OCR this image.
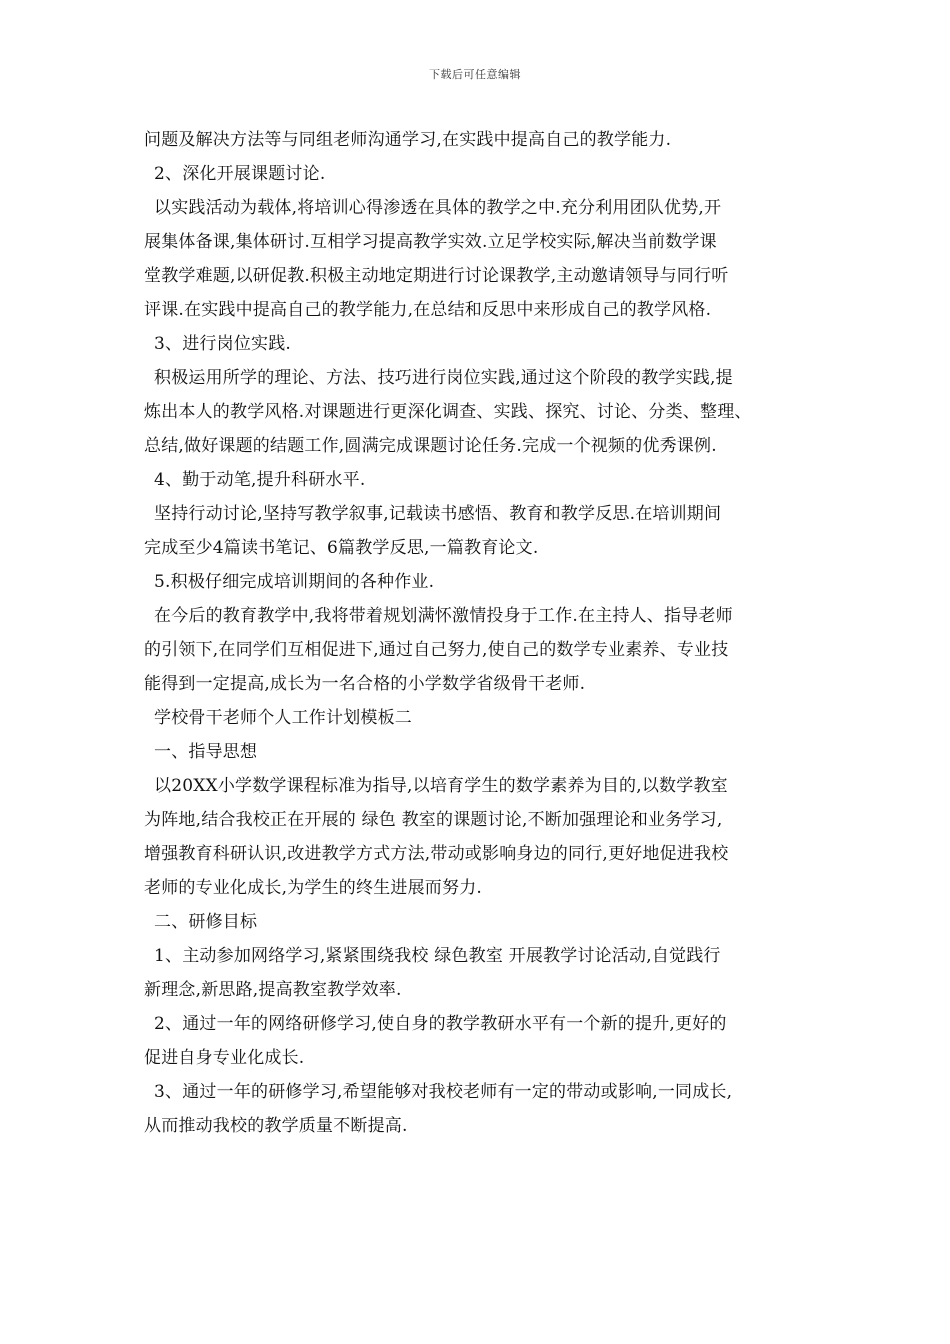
下载后可任意编辑
问题及解决方法等与同组老师沟通学习,在实践中提高自己的教学能力.
2、深化开展课题讨论.
以实践活动为载体,将培训心得渗透在具体的教学之中.充分利用团队优势,开
展集体备课,集体研讨.互相学习提高教学实效.立足学校实际,解决当前数学课
堂教学难题,以研促教.积极主动地定期进行讨论课教学,主动邀请领导与同行听
评课.在实践中提高自己的教学能力,在总结和反思中来形成自己的教学风格.
3、进行岗位实践.
积极运用所学的理论、方法、技巧进行岗位实践,通过这个阶段的教学实践,提
炼出本人的教学风格.对课题进行更深化调查、实践、探究、讨论、分类、整理、
总结,做好课题的结题工作,圆满完成课题讨论任务.完成一个视频的优秀课例.
4、勤于动笔,提升科研水平.
坚持行动讨论,坚持写教学叙事,记载读书感悟、教育和教学反思.在培训期间
完成至少4篇读书笔记、6篇教学反思,一篇教育论文.
5.积极仔细完成培训期间的各种作业.
在今后的教育教学中,我将带着规划满怀激情投身于工作.在主持人、指导老师
的引领下,在同学们互相促进下,通过自己努力,使自己的数学专业素养、专业技
能得到一定提高,成长为一名合格的小学数学省级骨干老师.
学校骨干老师个人工作计划模板二
一、指导思想
以20XX小学数学课程标准为指导,以培育学生的数学素养为目的,以数学教室
为阵地,结合我校正在开展的 绿色 教室的课题讨论,不断加强理论和业务学习,
增强教育科研认识,改进教学方式方法,带动或影响身边的同行,更好地促进我校
老师的专业化成长,为学生的终生进展而努力.
二、研修目标
1、主动参加网络学习,紧紧围绕我校 绿色教室 开展教学讨论活动,自觉践行
新理念,新思路,提高教室教学效率.
2、通过一年的网络研修学习,使自身的教学教研水平有一个新的提升,更好的
促进自身专业化成长.
3、通过一年的研修学习,希望能够对我校老师有一定的带动或影响,一同成长,
从而推动我校的教学质量不断提高.
